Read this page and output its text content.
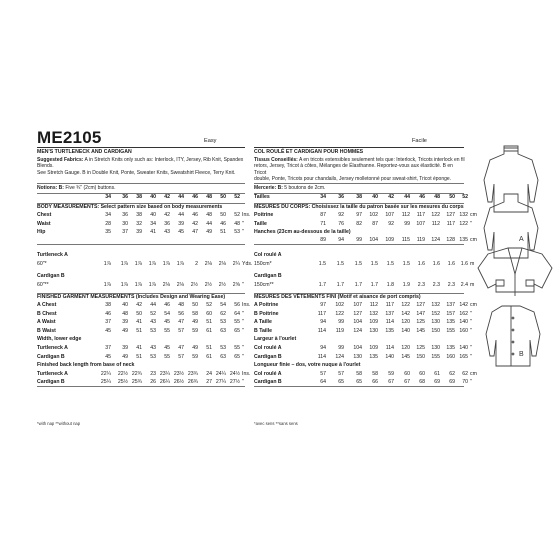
ME2105	Easy
MEN'S TURTLENECK AND CARDIGAN
Suggested Fabrics: A in Stretch Knits only such as: Interlock, ITY, Jersey, Rib Knit, Spandex Blends.
See Stretch Gauge. B in Double Knit, Ponte, Sweater Knits, Sweatshirt Fleece, Terry Knit.
Notions: B: Five ¾" (2cm) buttons.
34	36	38	40	42	44	46	48	50	52
BODY MEASUREMENTS: Select pattern size based on body measurements
FINISHED GARMENT MEASUREMENTS (Includes Design and Wearing Ease)
*with nap **without nap
Facile
COL ROULÉ ET CARDIGAN POUR HOMMES
Tissus Conseillés: A en tricots extensibles seulement tels que: Interlock, Tricots interlock en fil
retors, Jersey, Tricot à côtes, Mélanges de Élasthanne. Reportez-vous aux élasticité. B en Tricot
double, Ponte, Tricots pour chandails, Jersey molletonné pour sweat-shirt, Tricot éponge.
Mercerie: B: 5 boutons de 2cm.
Tailles	34	36	38	40	42	44	46	48	50	52
MESURES DU CORPS: Choisissez la taille du patron basée sur les mesures du corps
MESURES DES VÊTEMENTS FINI (Motif et aisance de port compris)
*avec sens **sans sens
A
B
Chest	34	36	38	40	42	44	46	48	50	52 Ins.
Waist	28	30	32	34	36	39	42	44	46	48 "
Hip	35	37	39	41	43	45	47	49	51	53 "
Turtleneck A
60"*	1⅞	1⅞	1⅞	1⅞	1⅞	1⅞	2	2⅛	2⅛	2¼ Yds.
Cardigan B
60"**	1⅞	1⅞	1⅞	1⅞	2⅛	2⅛	2½	2½	2½	2⅝ "
A Chest	38	40	42	44	46	48	50	52	54	56 Ins.
B Chest	46	48	50	52	54	56	58	60	62	64 "
A Waist	37	39	41	43	45	47	49	51	53	55 "
B Waist	45	49	51	53	55	57	59	61	63	65 "
Width, lower edge
Turtleneck A	37	39	41	43	45	47	49	51	53	55 "
Cardigan B	45	49	51	53	55	57	59	61	63	65 "
Finished back length from base of neck
Turtleneck A	22¼	22½ 22¾	23 23¼ 23½ 23¾	24 24¼ 24½ Ins.
Cardigan B	25¼	25½ 25¾	26 26¼ 26½ 26¾	27 27¼ 27½ "
Poitrine	87	92	97	102	107	112	117	122	127 132 cm
Taille	71	76	82	87	92	99	107	112	117 122 "
Hanches (23cm au-dessous de la taille)
89	94	99	104	109	115	119	124	128 135 cm
Col roulé A
150cm*	1.5	1.5	1.5	1.5	1.5	1.5	1.6	1.6	1.6	1.6 m
Cardigan B
150cm**	1.7	1.7	1.7	1.7	1.8	1.9	2.3	2.3	2.3	2.4 m
A Poitrine	97	102	107	112	117	122	127	132	137 142 cm
B Poitrine	117	122	127	132	137	142	147	152	157 162 "
A Taille	94	99	104	109	114	120	125	130	135 140 "
B Taille	114	119	124	130	135	140	145	150	155 160 "
Largeur à l'ourlet
Col roulé A	94	99	104	109	114	120	125	130	135 140 "
Cardigan B	114	124	130	135	140	145	150	155	160 165 "
Longueur finie – dos, votre nuque à l'ourlet
Col roulé A	57	57	58	58	59	60	60	61	62	62 cm
Cardigan B	64	65	65	66	67	67	68	69	69	70 "
